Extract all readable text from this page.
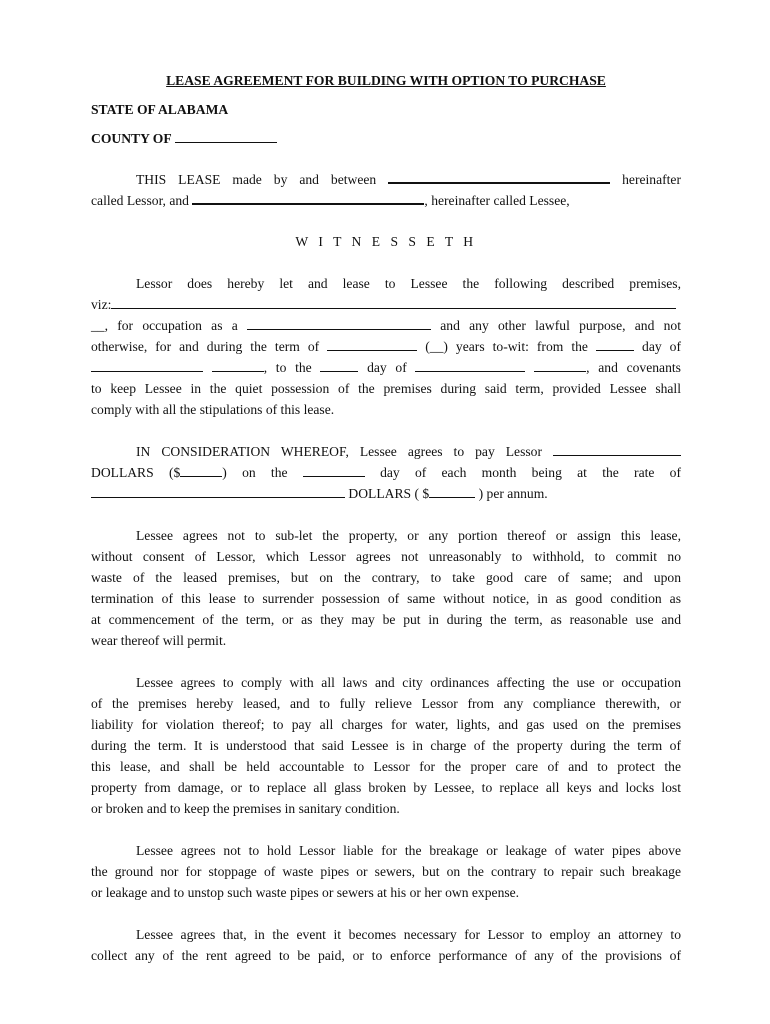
LEASE AGREEMENT FOR BUILDING WITH OPTION TO PURCHASE

STATE OF ALABAMA

COUNTY OF

THIS LEASE made by and between	hereinafter
called Lessor, and	, hereinafter called Lessee,

W I T N E S S E T H

Lessor does hereby let and lease to Lessee the following described premises,
viz:
__, for occupation as a	and any other lawful purpose, and not
otherwise, for and during the term of	(__) years to-wit: from the	day of
, to the	day of	, and covenants
to keep Lessee in the quiet possession of the premises during said term, provided Lessee shall
comply with all the stipulations of this lease.
IN CONSIDERATION WHEREOF, Lessee agrees to pay Lessor
DOLLARS ($	) on the	day of each month being at the rate of
DOLLARS ( $	) per annum.
Lessee agrees not to sub-let the property, or any portion thereof or assign this lease,
without consent of Lessor, which Lessor agrees not unreasonably to withhold, to commit no
waste of the leased premises, but on the contrary, to take good care of same; and upon
termination of this lease to surrender possession of same without notice, in as good condition as
at commencement of the term, or as they may be put in during the term, as reasonable use and
wear thereof will permit.
Lessee agrees to comply with all laws and city ordinances affecting the use or occupation
of the premises hereby leased, and to fully relieve Lessor from any compliance therewith, or
liability for violation thereof; to pay all charges for water, lights, and gas used on the premises
during the term. It is understood that said Lessee is in charge of the property during the term of
this lease, and shall be held accountable to Lessor for the proper care of and to protect the
property from damage, or to replace all glass broken by Lessee, to replace all keys and locks lost
or broken and to keep the premises in sanitary condition.
Lessee agrees not to hold Lessor liable for the breakage or leakage of water pipes above
the ground nor for stoppage of waste pipes or sewers, but on the contrary to repair such breakage
or leakage and to unstop such waste pipes or sewers at his or her own expense.
Lessee agrees that, in the event it becomes necessary for Lessor to employ an attorney to
collect any of the rent agreed to be paid, or to enforce performance of any of the provisions of
